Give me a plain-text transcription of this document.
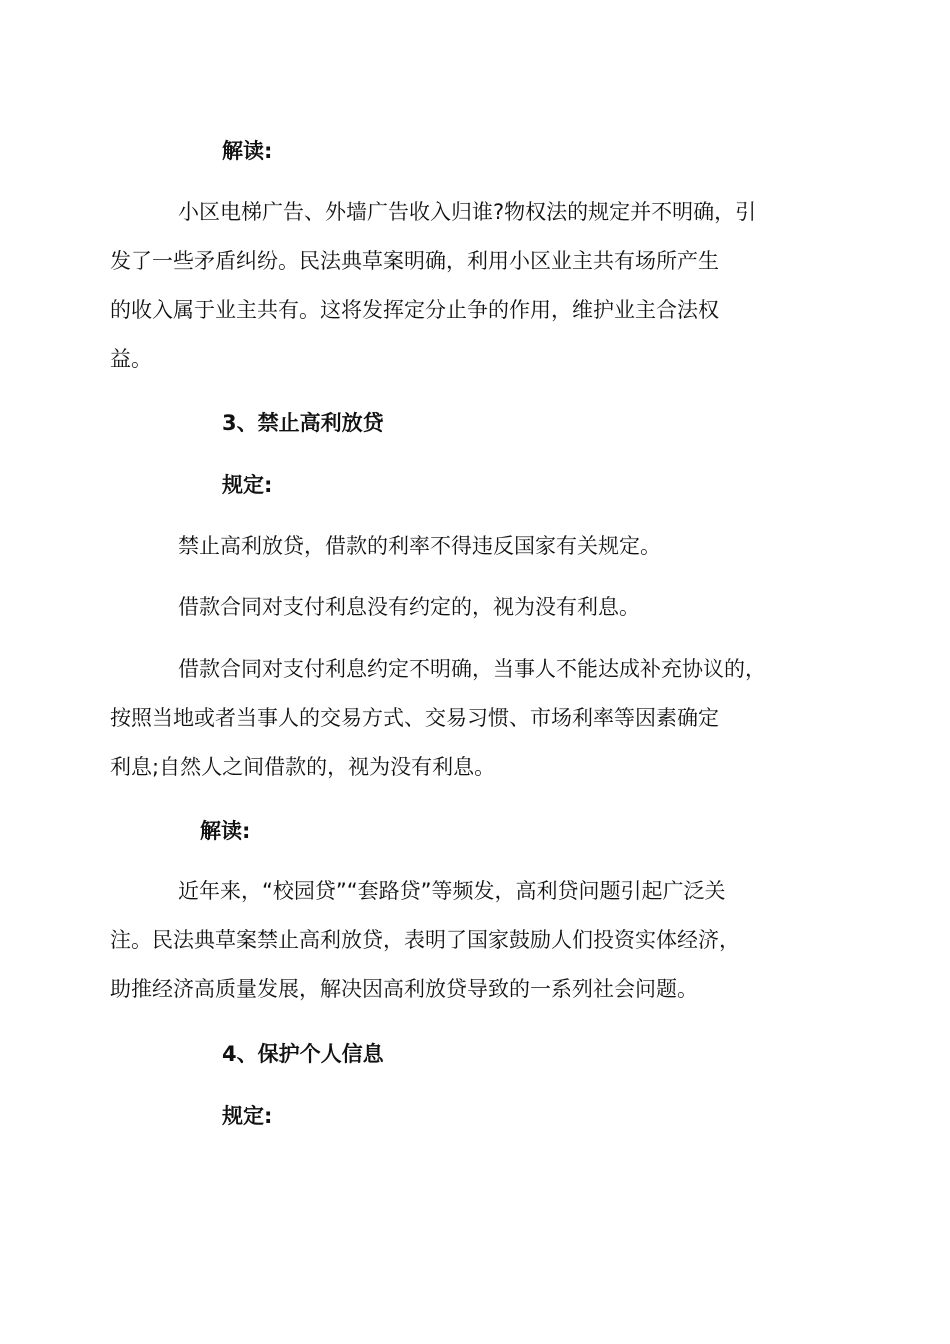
解读:
小区电梯广告、外墙广告收入归谁?物权法的规定并不明确，引
发了一些矛盾纠纷。民法典草案明确，利用小区业主共有场所产生
的收入属于业主共有。这将发挥定分止争的作用，维护业主合法权
益。
3、禁止高利放贷
规定:
禁止高利放贷，借款的利率不得违反国家有关规定。
借款合同对支付利息没有约定的，视为没有利息。
借款合同对支付利息约定不明确，当事人不能达成补充协议的，
按照当地或者当事人的交易方式、交易习惯、市场利率等因素确定
利息;自然人之间借款的，视为没有利息。
解读:
近年来，“校园贷”“套路贷”等频发，高利贷问题引起广泛关
注。民法典草案禁止高利放贷，表明了国家鼓励人们投资实体经济，
助推经济高质量发展，解决因高利放贷导致的一系列社会问题。
4、保护个人信息
规定:
